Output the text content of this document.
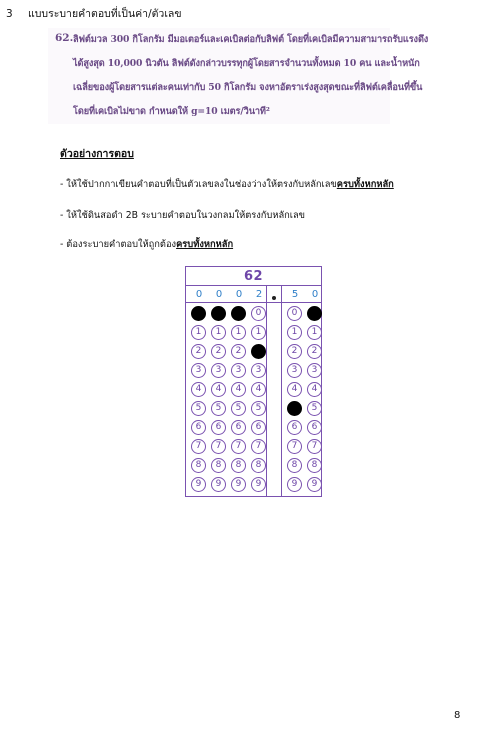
3 แบบระบายคำตอบที่เป็นค่า/ตัวเลข
62. ลิฟต์มวล 300 กิโลกรัม มีมอเตอร์และเคเบิลต่อกับลิฟต์ โดยที่เคเบิลมีความสามารถรับแรงดึง
ได้สูงสุด 10,000 นิวตัน ลิฟต์ดังกล่าวบรรทุกผู้โดยสารจำนวนทั้งหมด 10 คน และน้ำหนัก
เฉลี่ยของผู้โดยสารแต่ละคนเท่ากับ 50 กิโลกรัม จงหาอัตราเร่งสูงสุดขณะที่ลิฟต์เคลื่อนที่ขึ้น
โดยที่เคเบิลไม่ขาด กำหนดให้ g=10 เมตร/วินาที²
ตัวอย่างการตอบ
- ให้ใช้ปากกาเขียนคำตอบที่เป็นตัวเลขลงในช่องว่างให้ตรงกับหลักเลขครบทั้งหกหลัก
- ให้ใช้ดินสอดำ 2B ระบายคำตอบในวงกลมให้ตรงกับหลักเลข
- ต้องระบายคำตอบให้ถูกต้องครบทั้งหกหลัก
62
0
0
1
2
3
4
5
6
7
8
9
0
0
1
2
3
4
5
6
7
8
9
0
0
1
2
3
4
5
6
7
8
9
2
0
1
2
3
4
5
6
7
8
9
5
0
1
2
3
4
5
6
7
8
9
0
0
1
2
3
4
5
6
7
8
9
8
